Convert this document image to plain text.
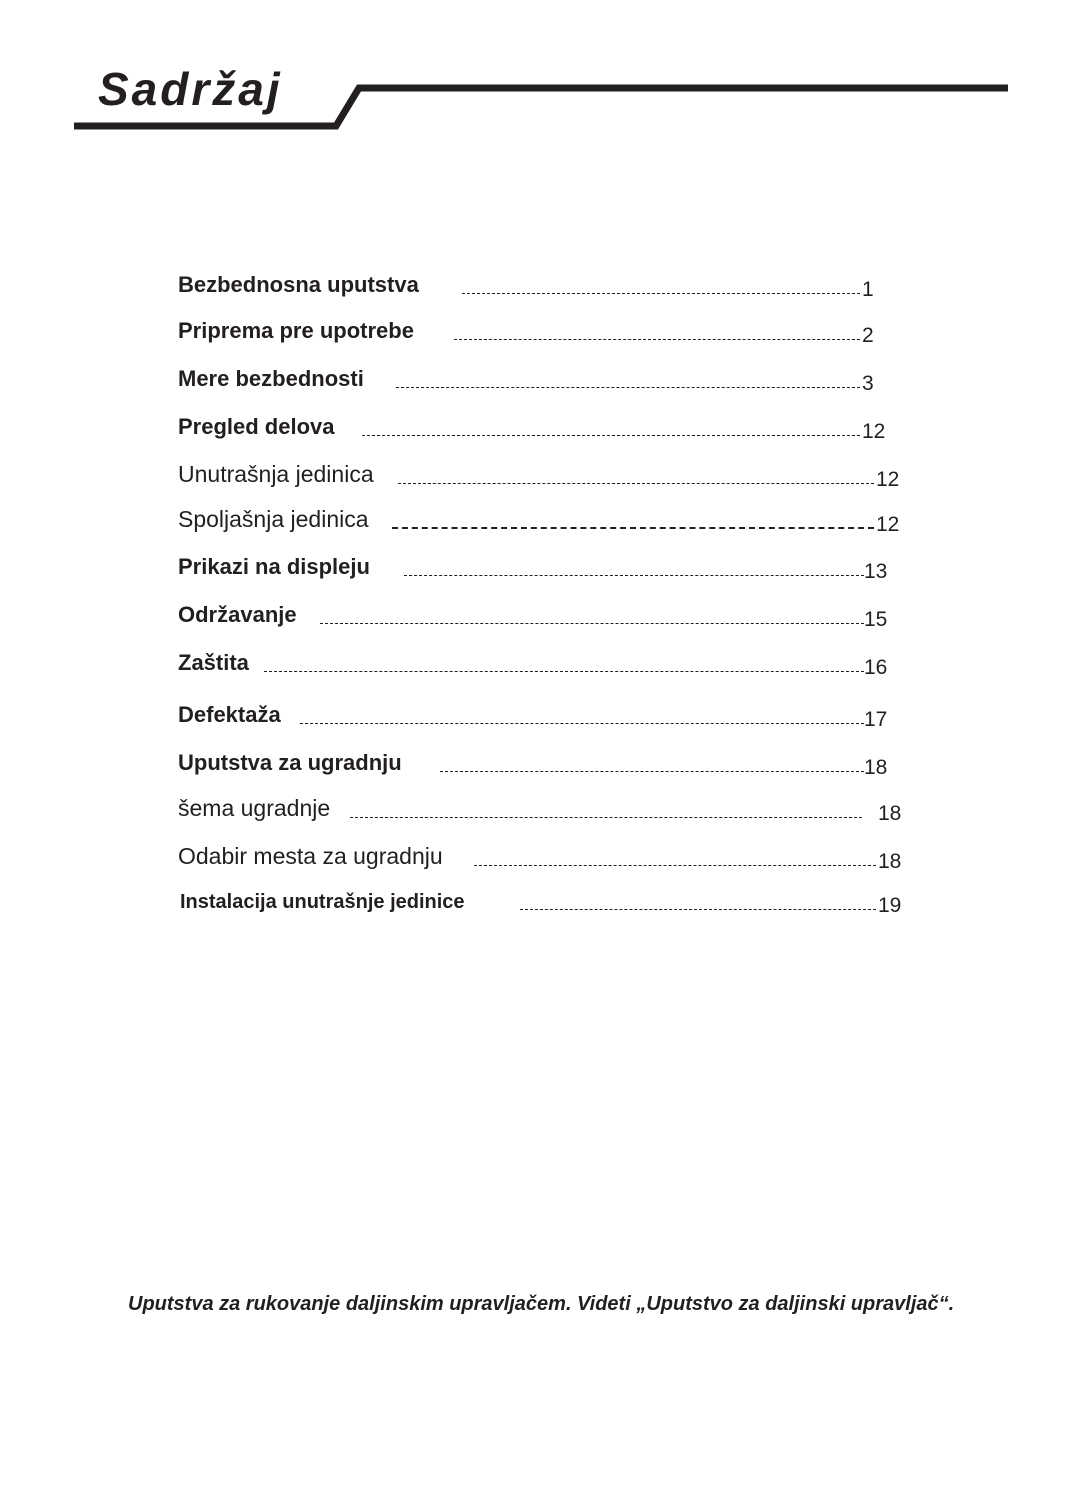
Sadržaj
Bezbednosna uputstva	1
Priprema pre upotrebe	2
Mere bezbednosti	3
Pregled delova	12
Unutrašnja jedinica	12
Spoljašnja jedinica	12
Prikazi na displeju	13
Održavanje	15
Zaštita	16
Defektaža	17
Uputstva za ugradnju	18
šema ugradnje	18
Odabir mesta za ugradnju	18
Instalacija unutrašnje jedinice	19
Uputstva za rukovanje daljinskim upravljačem. Videti „Uputstvo za daljinski upravljač“.
